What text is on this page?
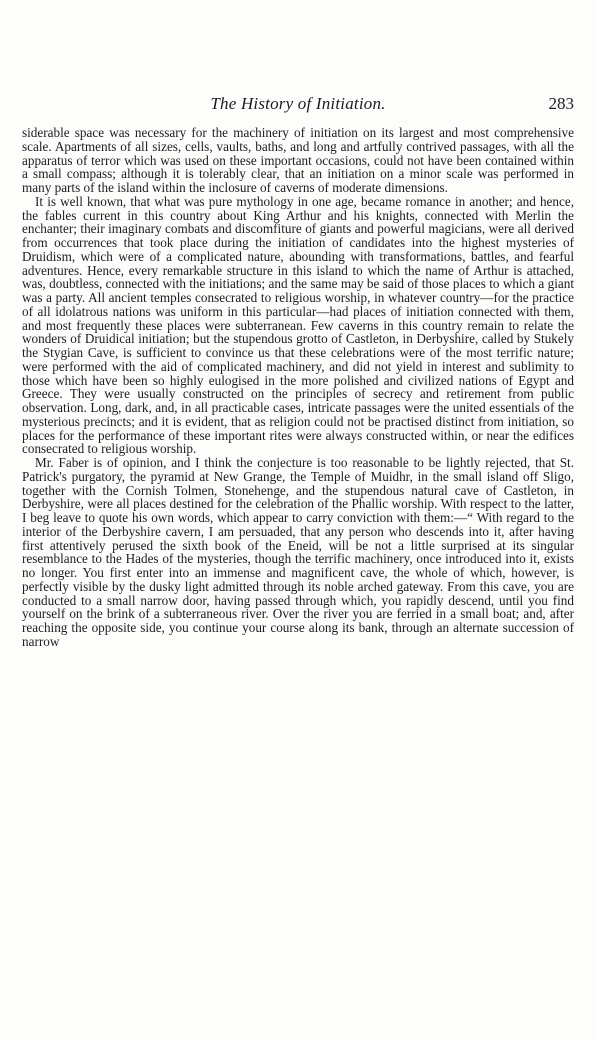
The History of Initiation.	283

siderable space was necessary for the machinery of initiation on its largest and most comprehensive scale. Apartments of all sizes, cells, vaults, baths, and long and artfully contrived passages, with all the apparatus of terror which was used on these important occasions, could not have been contained within a small compass; although it is tolerably clear, that an initiation on a minor scale was performed in many parts of the island within the inclosure of caverns of moderate dimensions.

It is well known, that what was pure mythology in one age, became romance in another; and hence, the fables current in this country about King Arthur and his knights, connected with Merlin the enchanter; their imaginary combats and discomfiture of giants and powerful magicians, were all derived from occurrences that took place during the initiation of candidates into the highest mysteries of Druidism, which were of a complicated nature, abounding with transformations, battles, and fearful adventures. Hence, every remarkable structure in this island to which the name of Arthur is attached, was, doubtless, connected with the initiations; and the same may be said of those places to which a giant was a party. All ancient temples consecrated to religious worship, in whatever country—for the practice of all idolatrous nations was uniform in this particular—had places of initiation connected with them, and most frequently these places were subterranean. Few caverns in this country remain to relate the wonders of Druidical initiation; but the stupendous grotto of Castleton, in Derbyshire, called by Stukely the Stygian Cave, is sufficient to convince us that these celebrations were of the most terrific nature; were performed with the aid of complicated machinery, and did not yield in interest and sublimity to those which have been so highly eulogised in the more polished and civilized nations of Egypt and Greece. They were usually constructed on the principles of secrecy and retirement from public observation. Long, dark, and, in all practicable cases, intricate passages were the united essentials of the mysterious precincts; and it is evident, that as religion could not be practised distinct from initiation, so places for the performance of these important rites were always constructed within, or near the edifices consecrated to religious worship.

Mr. Faber is of opinion, and I think the conjecture is too reasonable to be lightly rejected, that St. Patrick's purgatory, the pyramid at New Grange, the Temple of Muidhr, in the small island off Sligo, together with the Cornish Tolmen, Stonehenge, and the stupendous natural cave of Castleton, in Derbyshire, were all places destined for the celebration of the Phallic worship. With respect to the latter, I beg leave to quote his own words, which appear to carry conviction with them:—“ With regard to the interior of the Derbyshire cavern, I am persuaded, that any person who descends into it, after having first attentively perused the sixth book of the Eneid, will be not a little surprised at its singular resemblance to the Hades of the mysteries, though the terrific machinery, once introduced into it, exists no longer. You first enter into an immense and magnificent cave, the whole of which, however, is perfectly visible by the dusky light admitted through its noble arched gateway. From this cave, you are conducted to a small narrow door, having passed through which, you rapidly descend, until you find yourself on the brink of a subterraneous river. Over the river you are ferried in a small boat; and, after reaching the opposite side, you continue your course along its bank, through an alternate succession of narrow
